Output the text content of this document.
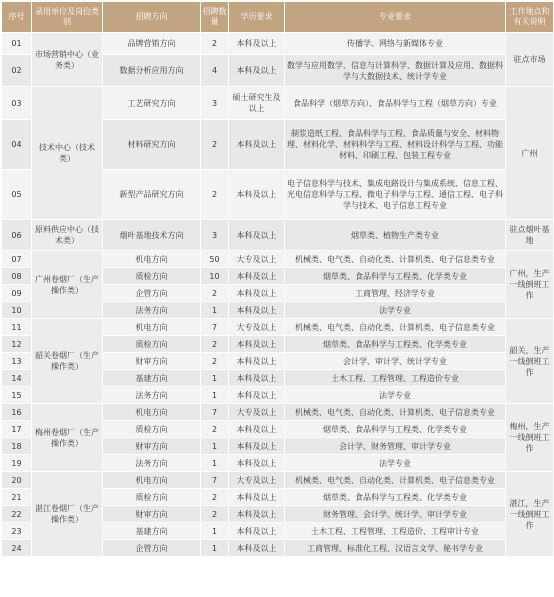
序号	录用单位及岗位类别	招聘方向	招聘数量	学历要求	专业要求	工作地点和有关说明
01	市场营销中心（业务类）	品牌营销方向	2	本科及以上	传播学、网络与新媒体专业	驻点市场
02		数据分析应用方向	4	本科及以上	数学与应用数学、信息与计算科学、数据计算及应用、数据科学与大数据技术、统计学专业	
03	技术中心（技术类）	工艺研究方向	3	硕士研究生及以上	食品科学（烟草方向）、食品科学与工程（烟草方向）专业	广州
04		材料研究方向	2	本科及以上	制浆造纸工程、食品科学与工程、食品质量与安全、材料物理、材料化学、材料科学与工程、材料设计科学与工程、功能材料、印刷工程、包装工程专业	
05		新型产品研究方向	2	本科及以上	电子信息科学与技术、集成电路设计与集成系统、信息工程、光电信息科学与工程、微电子科学与工程、通信工程、电子科学与技术、电子信息工程专业	
06	原料供应中心（技术类）	烟叶基地技术方向	3	本科及以上	烟草类、植物生产类专业	驻点烟叶基地
07	广州卷烟厂（生产操作类）	机电方向	50	大专及以上	机械类、电气类、自动化类、计算机类、电子信息类专业	广州，生产一线倒班工作
08		质检方向	10	本科及以上	烟草类、食品科学与工程类、化学类专业	
09		企管方向	2	本科及以上	工商管理、经济学专业	
10		法务方向	1	本科及以上	法学专业	
11	韶关卷烟厂（生产操作类）	机电方向	7	大专及以上	机械类、电气类、自动化类、计算机类、电子信息类专业	韶关，生产一线倒班工作
12		质检方向	2	本科及以上	烟草类、食品科学与工程类、化学类专业	
13		财审方向	2	本科及以上	会计学、审计学、统计学专业	
14		基建方向	1	本科及以上	土木工程、工程管理、工程造价专业	
15		法务方向	1	本科及以上	法学专业	
16	梅州卷烟厂（生产操作类）	机电方向	7	大专及以上	机械类、电气类、自动化类、计算机类、电子信息类专业	梅州，生产一线倒班工作
17		质检方向	2	本科及以上	烟草类、食品科学与工程类、化学类专业	
18		财审方向	1	本科及以上	会计学、财务管理、审计学专业	
19		法务方向	1	本科及以上	法学专业	
20	湛江卷烟厂（生产操作类）	机电方向	7	大专及以上	机械类、电气类、自动化类、计算机类、电子信息类专业	湛江，生产一线倒班工作
21		质检方向	2	本科及以上	烟草类、食品科学与工程类、化学类专业	
22		财审方向	2	本科及以上	财务管理、会计学、统计学、审计学专业	
23		基建方向	1	本科及以上	土木工程、工程管理、工程造价、工程审计专业	
24		企管方向	1	本科及以上	工商管理、标准化工程、汉语言文学、秘书学专业	
